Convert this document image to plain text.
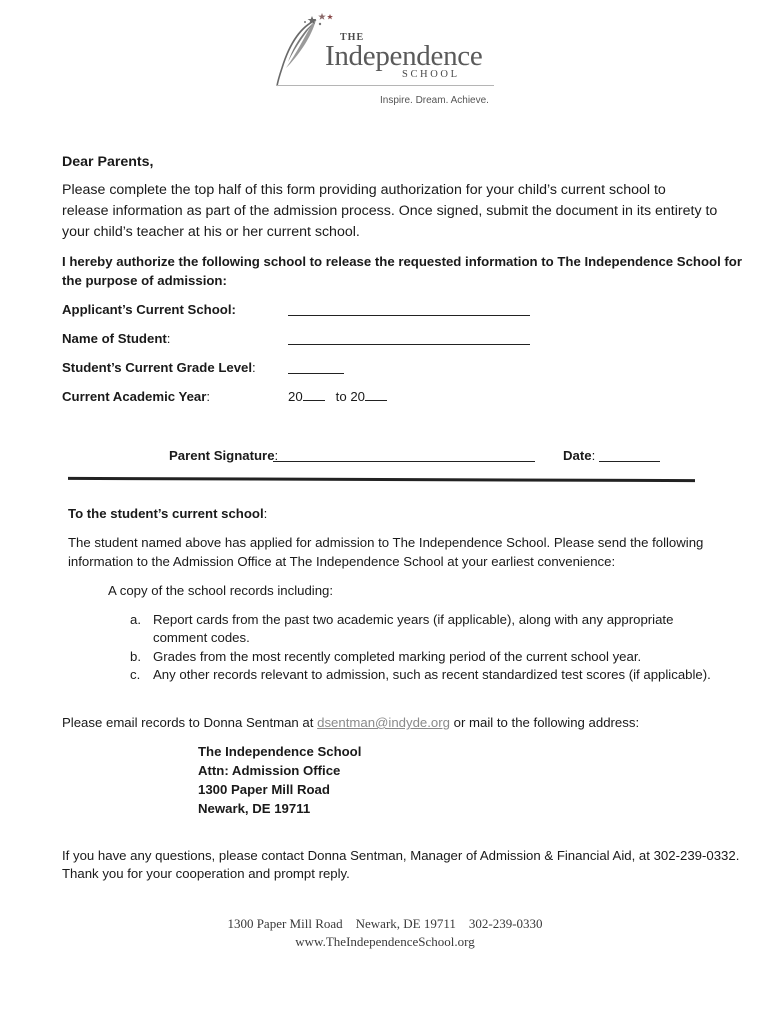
THE
Independence
SCHOOL
Inspire. Dream. Achieve.
Dear Parents,
Please complete the top half of this form providing authorization for your child’s current school to
release information as part of the admission process. Once signed, submit the document in its entirety to
your child’s teacher at his or her current school.
I hereby authorize the following school to release the requested information to The Independence School for
the purpose of admission:
Applicant’s Current School:
Name of Student:
Student’s Current Grade Level:
Current Academic Year:	20	to 20
Parent Signature:	Date:
To the student’s current school:
The student named above has applied for admission to The Independence School. Please send the following
information to the Admission Office at The Independence School at your earliest convenience:
A copy of the school records including:
a. Report cards from the past two academic years (if applicable), along with any appropriate
comment codes.
b. Grades from the most recently completed marking period of the current school year.
c. Any other records relevant to admission, such as recent standardized test scores (if applicable).
Please email records to Donna Sentman at dsentman@indyde.org or mail to the following address:
The Independence School
Attn: Admission Office
1300 Paper Mill Road
Newark, DE 19711
If you have any questions, please contact Donna Sentman, Manager of Admission & Financial Aid, at 302-239-0332.
Thank you for your cooperation and prompt reply.
1300 Paper Mill Road    Newark, DE 19711    302-239-0330
www.TheIndependenceSchool.org
